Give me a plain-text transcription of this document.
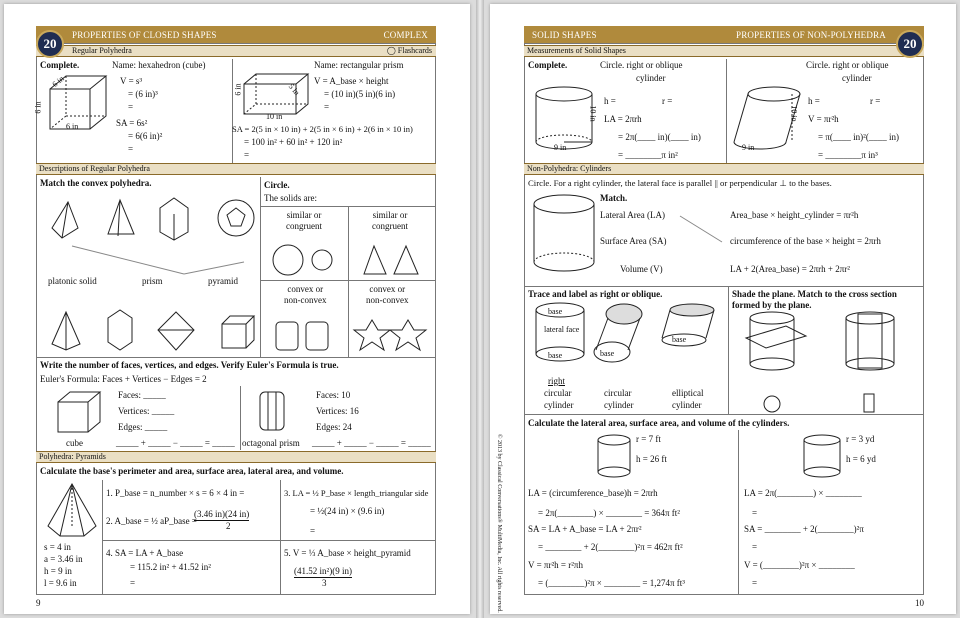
20
PROPERTIES OF CLOSED SHAPES	COMPLEX
Regular Polyhedra	◯ Flashcards
Complete.	Name: hexahedron (cube)
6 in
6 in
6 in
V = s³
= (6 in)³
=
SA = 6s²
= 6(6 in)²
=
Name: rectangular prism
6 in	5 in
10 in
V = A_base × height
= (10 in)(5 in)(6 in)
=
SA = 2(5 in × 10 in) + 2(5 in × 6 in) + 2(6 in × 10 in)
= 100 in² + 60 in² + 120 in²
=
Descriptions of Regular Polyhedra
Match the convex polyhedra.
platonic solid	prism	pyramid
Circle.
The solids are:
similar or
congruent
similar or
congruent
convex or
non-convex
convex or
non-convex
Write the number of faces, vertices, and edges. Verify Euler's Formula is true.
Euler's Formula: Faces + Vertices − Edges = 2
Faces: _____
Vertices: _____
Edges: _____
cube	_____ + _____ − _____ = _____
Faces: 10
Vertices: 16
Edges: 24
octagonal prism _____ + _____ − _____ = _____
Polyhedra: Pyramids
Calculate the base's perimeter and area, surface area, lateral area, and volume.
s = 4 in
a = 3.46 in
h = 9 in
l = 9.6 in
1. P_base = n_number × s = 6 × 4 in =
2. A_base = ½ aP_base =
(3.46 in)(24 in)
2
4. SA = LA + A_base
= 115.2 in² + 41.52 in²
=
3. LA = ½ P_base × length_triangular side
= ½(24 in) × (9.6 in)
=
5. V = ⅓ A_base × height_pyramid
(41.52 in²)(9 in)
3
9
20
SOLID SHAPES	PROPERTIES OF NON-POLYHEDRA
© 2013 by Classical Conversations® MultiMedia, Inc. All rights reserved.
Measurements of Solid Shapes
Complete.	Circle. right or oblique
cylinder
10 in
9 in
h =	r =
LA = 2πrh
= 2π(____ in)(____ in)
= ________π in²
Circle. right or oblique
cylinder
10 in
9 in
h =	r =
V = πr²h
= π(____ in)²(____ in)
= ________π in³
Non-Polyhedra: Cylinders
Circle. For a right cylinder, the lateral face is parallel || or perpendicular ⊥ to the bases.
Match.
Lateral Area (LA)
Surface Area (SA)
Volume (V)
Area_base × height_cylinder = πr²h
circumference of the base × height = 2πrh
LA + 2(Area_base) = 2πrh + 2πr²
Trace and label as right or oblique.
base
lateral face
base	base
base
right
circular
cylinder
circular
cylinder
elliptical
cylinder
Shade the plane. Match to the cross section formed by the plane.
Calculate the lateral area, surface area, and volume of the cylinders.
r = 7 ft
h = 26 ft
LA = (circumference_base)h = 2πrh
= 2π(________) × ________ = 364π ft²
SA = LA + A_base = LA + 2πr²
= ________ + 2(________)²π = 462π ft²
V = πr²h = r²πh
= (________)²π × ________ = 1,274π ft³
r = 3 yd
h = 6 yd
LA = 2π(________) × ________
=
SA = ________ + 2(________)²π
=
V = (________)²π × ________
=
10
